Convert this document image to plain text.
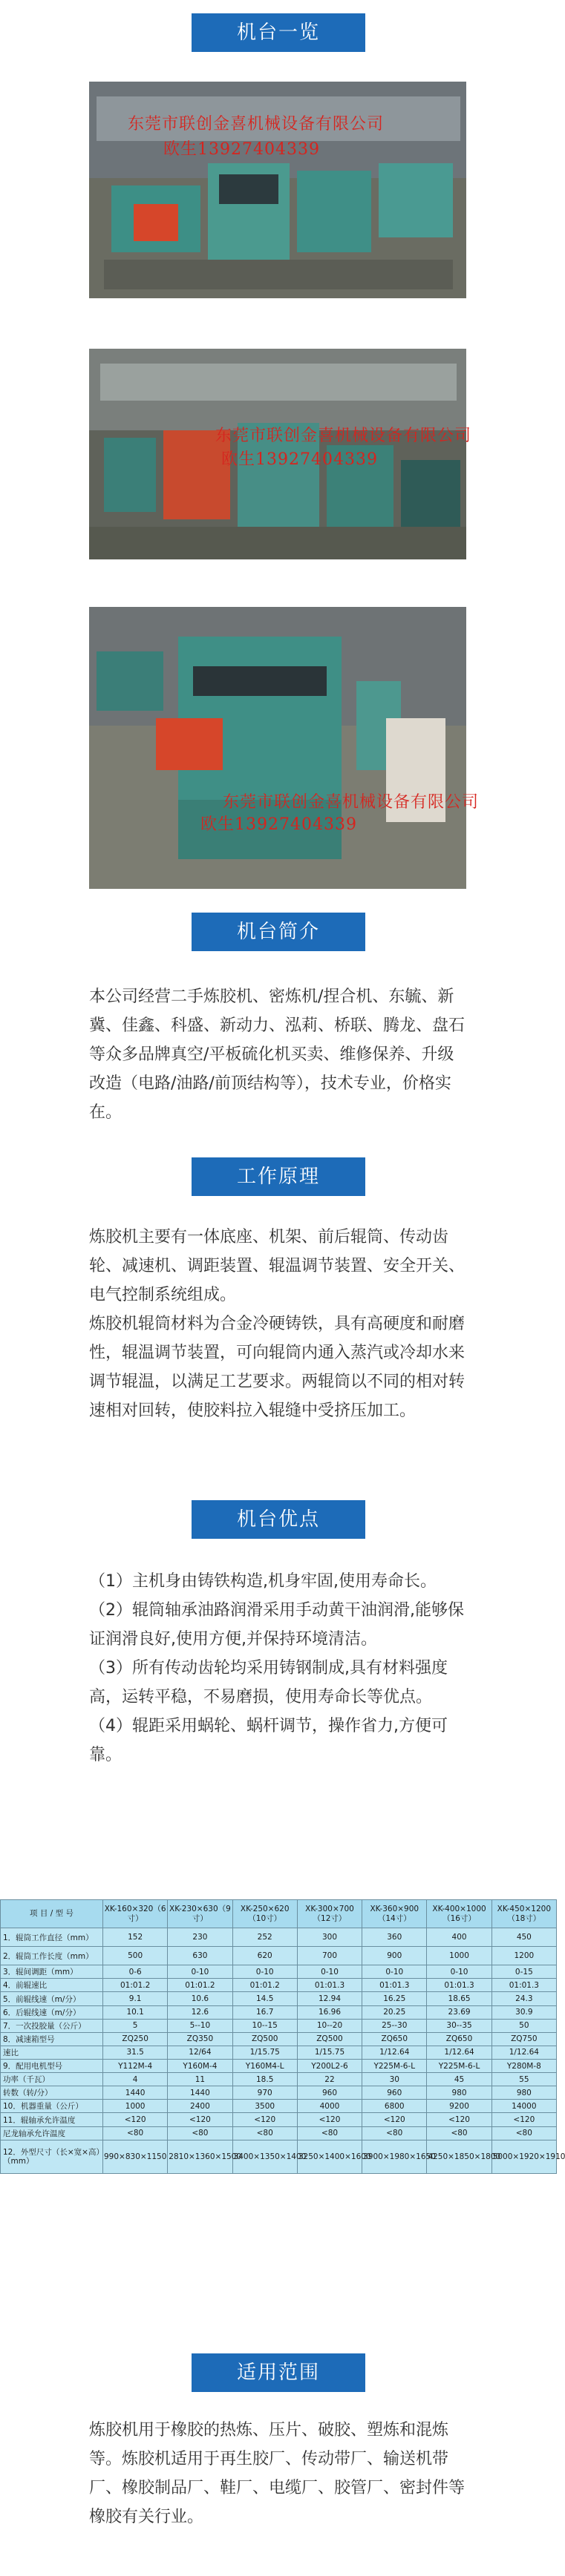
机台一览
东莞市联创金喜机械设备有限公司
欧生13927404339
东莞市联创金喜机械设备有限公司
欧生13927404339
东莞市联创金喜机械设备有限公司
欧生13927404339
机台简介

本公司经营二手炼胶机、密炼机/捏合机、东毓、新冀、佳鑫、科盛、新动力、泓莉、桥联、腾龙、盘石等众多品牌真空/平板硫化机买卖、维修保养、升级改造（电路/油路/前顶结构等），技术专业，价格实在。

工作原理

炼胶机主要有一体底座、机架、前后辊筒、传动齿轮、减速机、调距装置、辊温调节装置、安全开关、电气控制系统组成。

炼胶机辊筒材料为合金冷硬铸铁，具有高硬度和耐磨性，辊温调节装置，可向辊筒内通入蒸汽或冷却水来调节辊温，以满足工艺要求。两辊筒以不同的相对转速相对回转，使胶料拉入辊缝中受挤压加工。

机台优点

（1）主机身由铸铁构造,机身牢固,使用寿命长。

（2）辊筒轴承油路润滑采用手动黄干油润滑,能够保证润滑良好,使用方便,并保持环境清洁。

（3）所有传动齿轮均采用铸钢制成,具有材料强度高，运转平稳，不易磨损，使用寿命长等优点。

（4）辊距采用蜗轮、蜗杆调节，操作省力,方便可靠。

项 目 / 型 号	XK-160×320（6寸）	XK-230×630（9寸）	XK-250×620（10寸）	XK-300×700（12寸）	XK-360×900（14寸）	XK-400×1000（16寸）	XK-450×1200（18寸）
1．辊筒工作直径（mm）	152	230	252	300	360	400	450
2．辊筒工作长度（mm）	500	630	620	700	900	1000	1200
3．辊间调距（mm）	0-6	0-10	0-10	0-10	0-10	0-10	0-15
4．前辊速比	01:01.2	01:01.2	01:01.2	01:01.3	01:01.3	01:01.3	01:01.3
5．前辊线速（m/分）	9.1	10.6	14.5	12.94	16.25	18.65	24.3
6．后辊线速（m/分）	10.1	12.6	16.7	16.96	20.25	23.69	30.9
7．一次投胶量（公斤）	5	5--10	10--15	10--20	25--30	30--35	50
8．减速箱型号	ZQ250	ZQ350	ZQ500	ZQ500	ZQ650	ZQ650	ZQ750
速比	31.5	12/64	1/15.75	1/15.75	1/12.64	1/12.64	1/12.64
9．配用电机型号	Y112M-4	Y160M-4	Y160M4-L	Y200L2-6	Y225M-6-L	Y225M-6-L	Y280M-8
功率（千瓦）	4	11	18.5	22	30	45	55
转数（转/分）	1440	1440	970	960	960	980	980
10．机器重量（公斤）	1000	2400	3500	4000	6800	9200	14000
11．辊轴承允许温度	<120	<120	<120	<120	<120	<120	<120
尼龙轴承允许温度	<80	<80	<80	<80	<80	<80	<80
12．外型尺寸（长×宽×高）（mm）	990×830×1150	2810×1360×1500	3400×1350×1400	3250×1400×1600	3900×1980×1650	4250×1850×1800	5000×1920×1910
适用范围

炼胶机用于橡胶的热炼、压片、破胶、塑炼和混炼等。炼胶机适用于再生胶厂、传动带厂、输送机带厂、橡胶制品厂、鞋厂、电缆厂、胶管厂、密封件等橡胶有关行业。
